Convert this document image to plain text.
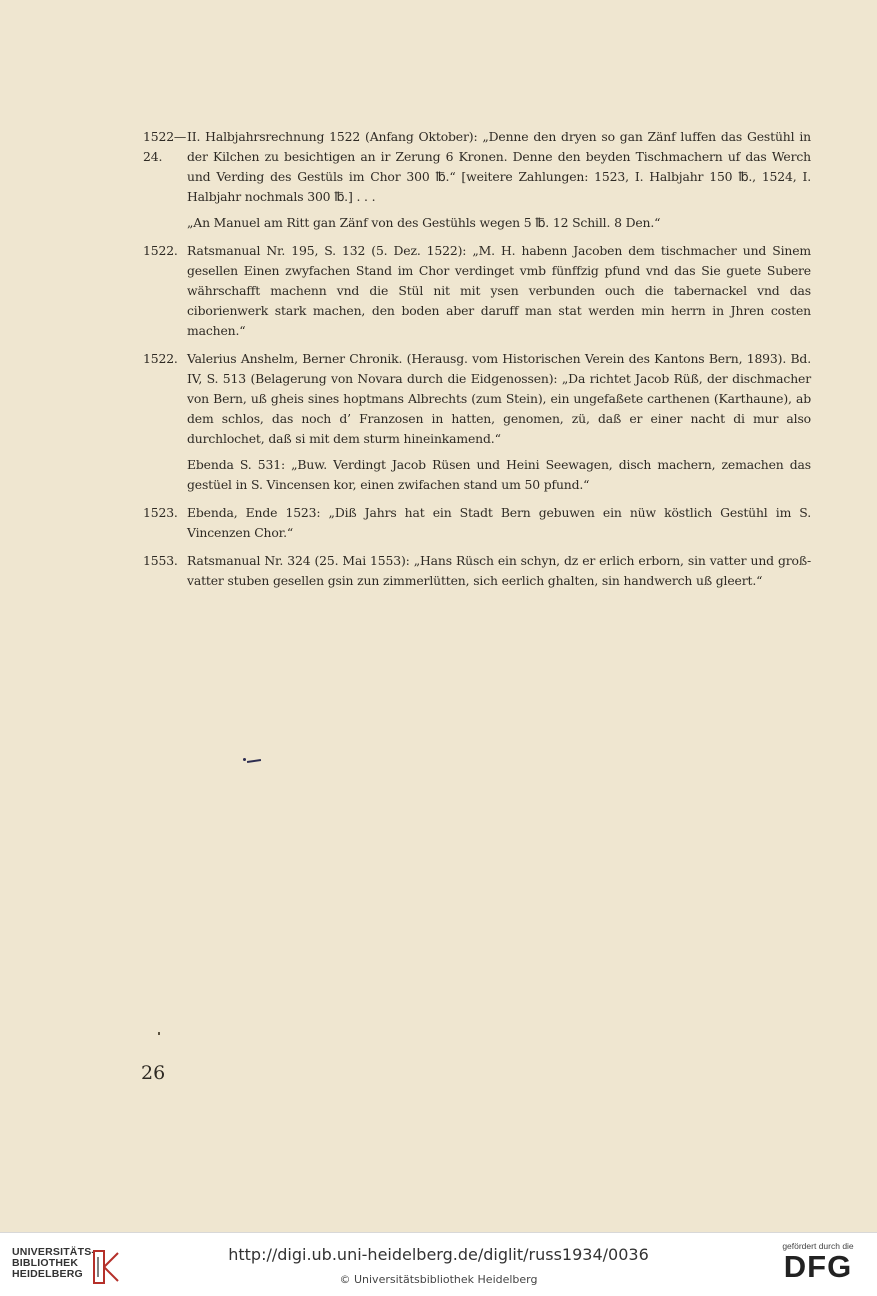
1522—24.

II. Halbjahrsrechnung 1522 (Anfang Oktober): „Denne den dryen so gan Zänf luffen das Gestühl in der Kilchen zu besichtigen an ir Zerung 6 Kronen. Denne den beyden Tischmachern uf das Werch und Verding des Gestüls im Chor 300 ℔.“ [weitere Zahlungen: 1523, I. Halbjahr 150 ℔., 1524, I. Halbjahr nochmals 300 ℔.] . . .

„An Manuel am Ritt gan Zänf von des Gestühls wegen 5 ℔. 12 Schill. 8 Den.“

1522. Ratsmanual Nr. 195, S. 132 (5. Dez. 1522): „M. H. habenn Jacoben dem tischmacher und Sinem gesellen Einen zwyfachen Stand im Chor verdinget vmb fünffzig pfund vnd das Sie guete Subere währschafft machenn vnd die Stül nit mit ysen verbunden ouch die tabernackel vnd das ciborienwerk stark machen, den boden aber daruff man stat werden min herrn in Jhren costen machen.“

1522. Valerius Anshelm, Berner Chronik. (Herausg. vom Historischen Verein des Kantons Bern, 1893). Bd. IV, S. 513 (Belagerung von Novara durch die Eidgenossen): „Da richtet Jacob Rüß, der dischmacher von Bern, uß gheis sines hoptmans Albrechts (zum Stein), ein ungefaßete carthenen (Karthaune), ab dem schlos, das noch d’ Franzosen in hatten, genomen, zü, daß er einer nacht di mur also durchlochet, daß si mit dem sturm hineinkamend.“

Ebenda S. 531: „Buw. Verdingt Jacob Rüsen und Heini Seewagen, disch machern, zemachen das gestüel in S. Vincensen kor, einen zwifachen stand um 50 pfund.“

1523. Ebenda, Ende 1523: „Diß Jahrs hat ein Stadt Bern gebuwen ein nüw köstlich Gestühl im S. Vincenzen Chor.“

1553. Ratsmanual Nr. 324 (25. Mai 1553): „Hans Rüsch ein schyn, dz er erlich erborn, sin vatter und groß-vatter stuben gesellen gsin zun zimmerlütten, sich eerlich ghalten, sin handwerch uß gleert.“

26
UNIVERSITÄTS-
BIBLIOTHEK
HEIDELBERG
http://digi.ub.uni-heidelberg.de/diglit/russ1934/0036
© Universitätsbibliothek Heidelberg
gefördert durch die
DFG
